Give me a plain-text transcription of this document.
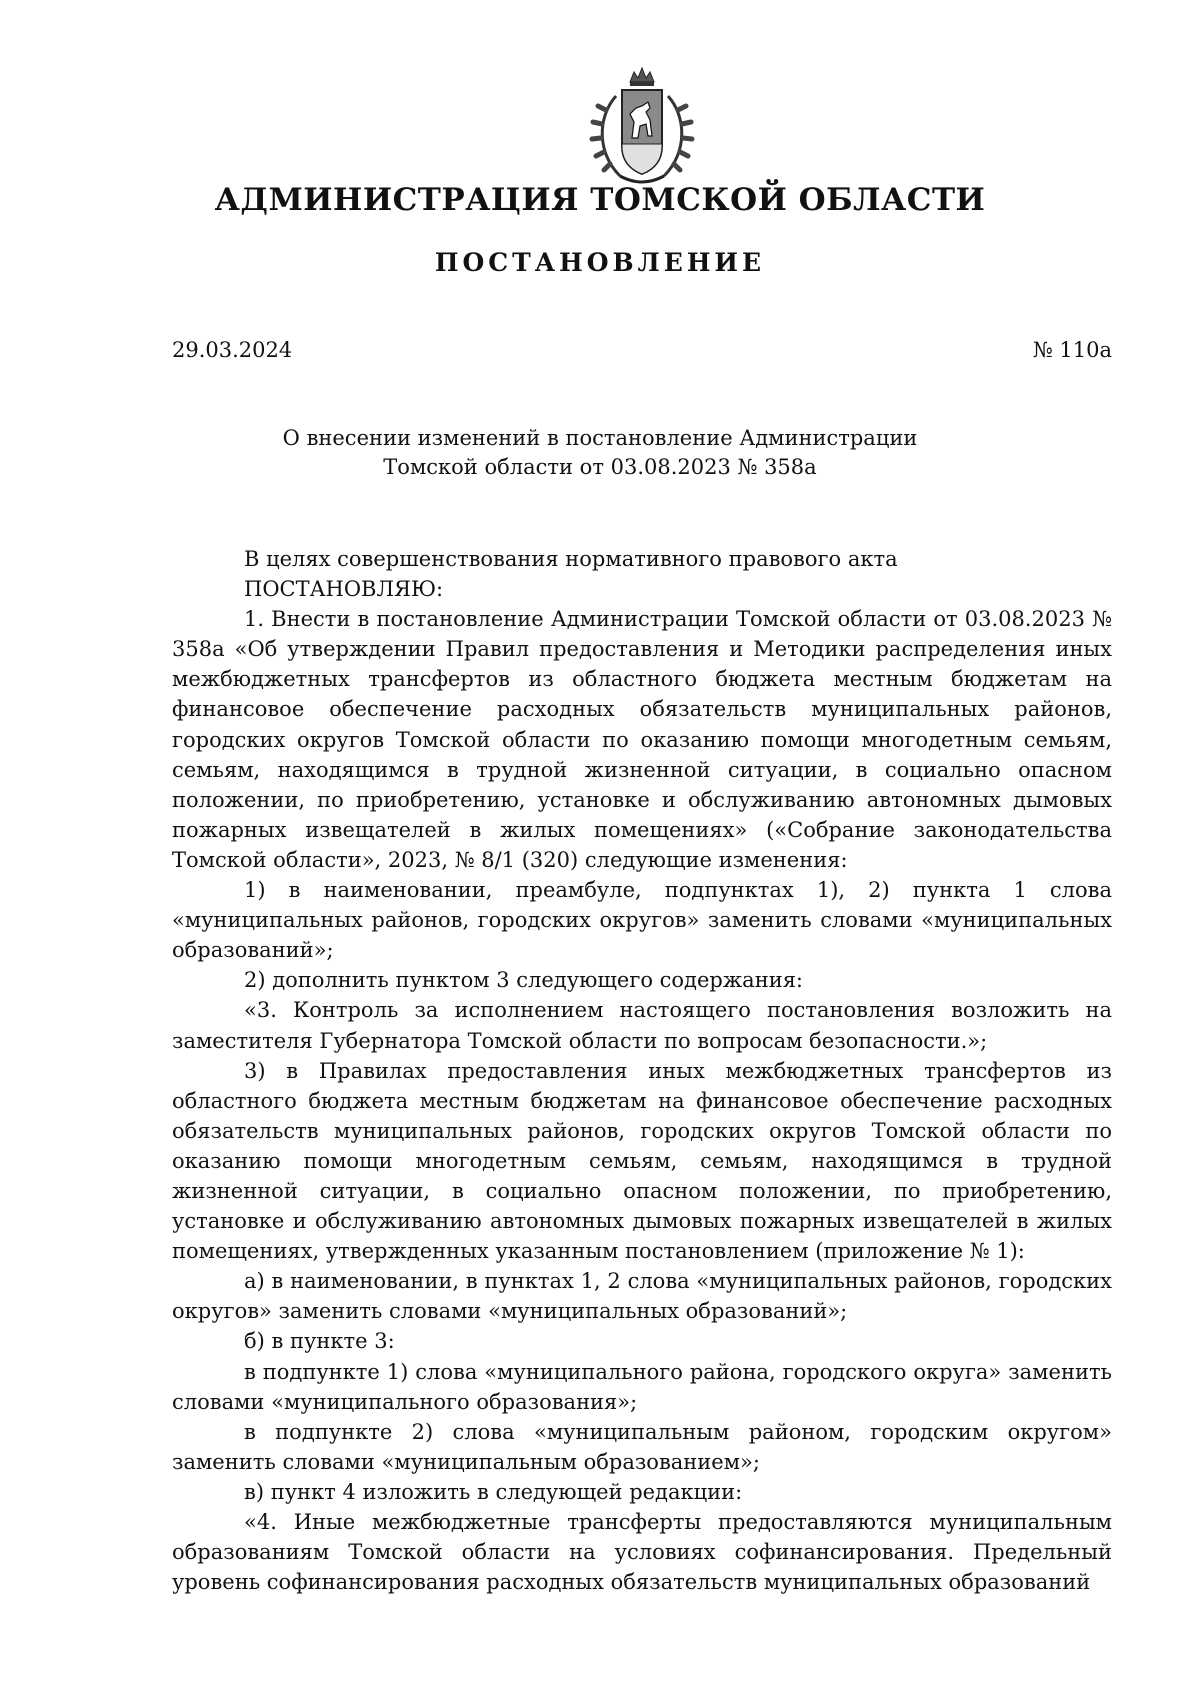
АДМИНИСТРАЦИЯ ТОМСКОЙ ОБЛАСТИ
ПОСТАНОВЛЕНИЕ
29.03.2024	№ 110а
О внесении изменений в постановление Администрации
Томской области от 03.08.2023 № 358а

В целях совершенствования нормативного правового акта

ПОСТАНОВЛЯЮ:

1. Внести в постановление Администрации Томской области от 03.08.2023 № 358а «Об утверждении Правил предоставления и Методики распределения иных межбюджетных трансфертов из областного бюджета местным бюджетам на финансовое обеспечение расходных обязательств муниципальных районов, городских округов Томской области по оказанию помощи многодетным семьям, семьям, находящимся в трудной жизненной ситуации, в социально опасном положении, по приобретению, установке и обслуживанию автономных дымовых пожарных извещателей в жилых помещениях» («Собрание законодательства Томской области», 2023, № 8/1 (320) следующие изменения:

1) в наименовании, преамбуле, подпунктах 1), 2) пункта 1 слова «муниципальных районов, городских округов» заменить словами «муниципальных образований»;

2) дополнить пунктом 3 следующего содержания:

«3. Контроль за исполнением настоящего постановления возложить на заместителя Губернатора Томской области по вопросам безопасности.»;

3) в Правилах предоставления иных межбюджетных трансфертов из областного бюджета местным бюджетам на финансовое обеспечение расходных обязательств муниципальных районов, городских округов Томской области по оказанию помощи многодетным семьям, семьям, находящимся в трудной жизненной ситуации, в социально опасном положении, по приобретению, установке и обслуживанию автономных дымовых пожарных извещателей в жилых помещениях, утвержденных указанным постановлением (приложение № 1):

а) в наименовании, в пунктах 1, 2 слова «муниципальных районов, городских округов» заменить словами «муниципальных образований»;

б) в пункте 3:

в подпункте 1) слова «муниципального района, городского округа» заменить словами «муниципального образования»;

в подпункте 2) слова «муниципальным районом, городским округом» заменить словами «муниципальным образованием»;

в) пункт 4 изложить в следующей редакции:

«4. Иные межбюджетные трансферты предоставляются муниципальным образованиям Томской области на условиях софинансирования. Предельный уровень софинансирования расходных обязательств муниципальных образований
